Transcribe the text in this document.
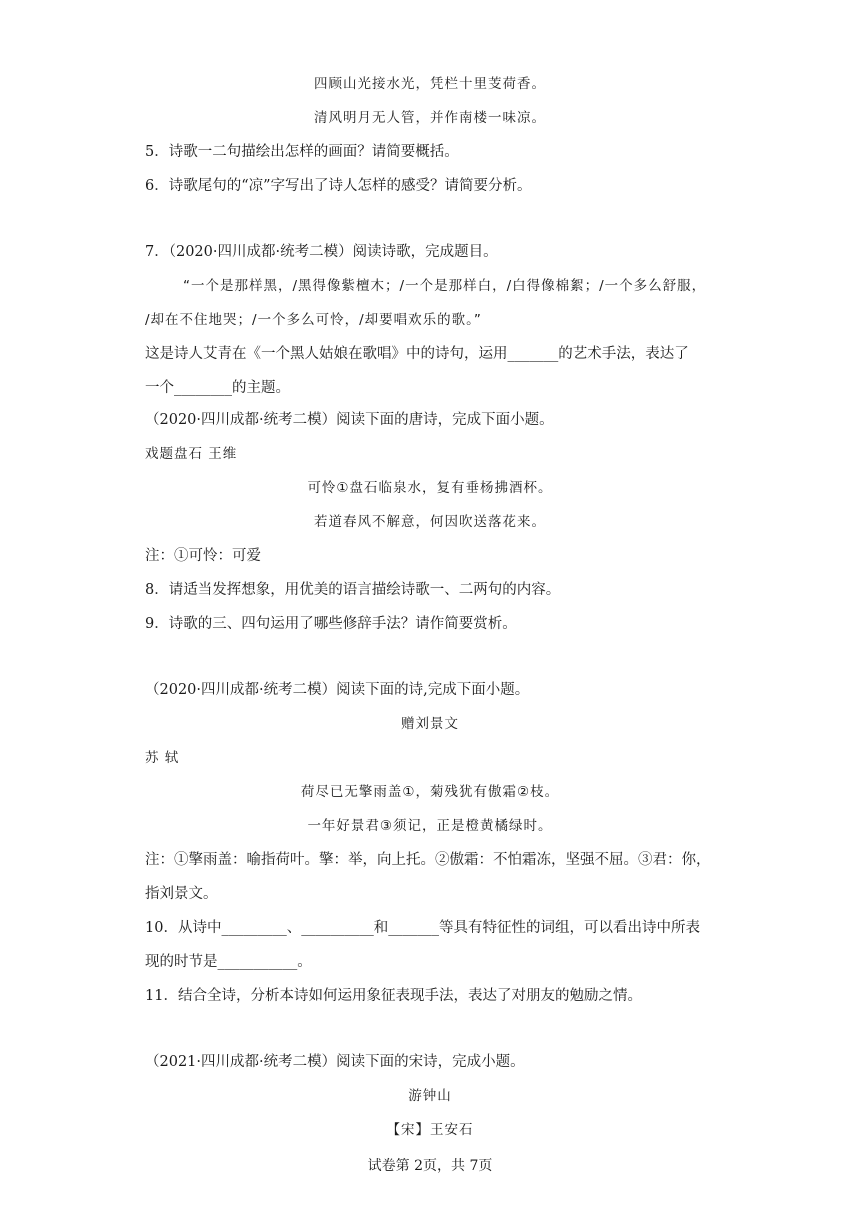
四顾山光接水光，凭栏十里芰荷香。
清风明月无人管，并作南楼一味凉。
5．诗歌一二句描绘出怎样的画面？请简要概括。
6．诗歌尾句的“凉”字写出了诗人怎样的感受？请简要分析。
7．（2020·四川成都·统考二模）阅读诗歌，完成题目。
“一个是那样黑，/黑得像紫檀木；/一个是那样白，/白得像棉絮；/一个多么舒服，
/却在不住地哭；/一个多么可怜，/却要唱欢乐的歌。”
这是诗人艾青在《一个黑人姑娘在歌唱》中的诗句，运用_______的艺术手法，表达了
一个________的主题。
（2020·四川成都·统考二模）阅读下面的唐诗，完成下面小题。
戏题盘石 王维
可怜①盘石临泉水，复有垂杨拂酒杯。
若道春风不解意，何因吹送落花来。
注：①可怜：可爱
8．请适当发挥想象，用优美的语言描绘诗歌一、二两句的内容。
9．诗歌的三、四句运用了哪些修辞手法？请作简要赏析。
（2020·四川成都·统考二模）阅读下面的诗,完成下面小题。
赠刘景文
苏 轼
荷尽已无擎雨盖①，菊残犹有傲霜②枝。
一年好景君③须记，正是橙黄橘绿时。
注：①擎雨盖：喻指荷叶。擎：举，向上托。②傲霜：不怕霜冻，坚强不屈。③君：你，
指刘景文。
10．从诗中_________、__________和_______等具有特征性的词组，可以看出诗中所表
现的时节是___________。
11．结合全诗，分析本诗如何运用象征表现手法，表达了对朋友的勉励之情。
（2021·四川成都·统考二模）阅读下面的宋诗，完成小题。
游钟山
【宋】王安石
试卷第 2页，共 7页
